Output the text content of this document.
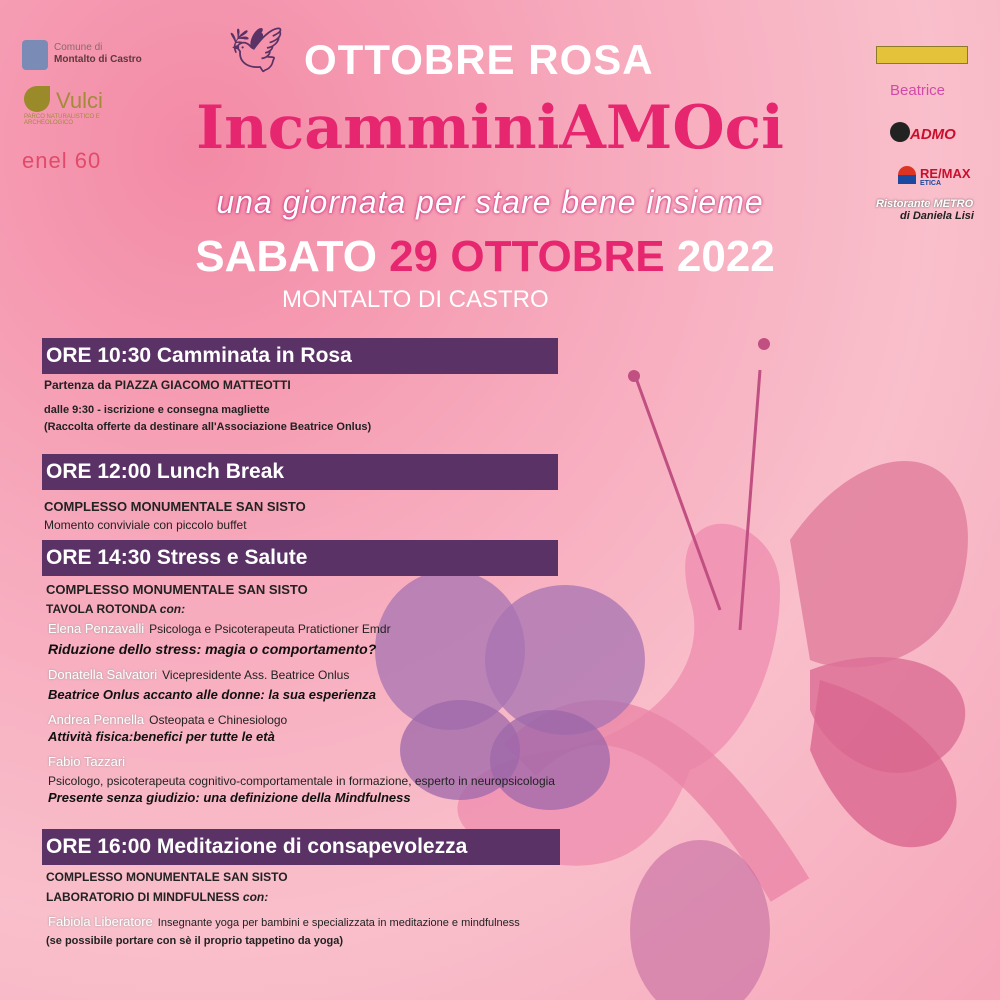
Comune di
Montalto di Castro
Vulci
PARCO NATURALISTICO E ARCHEOLOGICO
enel 60
Beatrice
ADMO
RE/MAX
ETICA
Ristorante METRO
di Daniela Lisi
🕊 OTTOBRE ROSA
IncamminiAMOci
una giornata per stare bene insieme
SABATO 29 OTTOBRE 2022
MONTALTO DI CASTRO
ORE 10:30 Camminata in Rosa
Partenza da PIAZZA GIACOMO MATTEOTTI
dalle 9:30 - iscrizione e consegna magliette
(Raccolta offerte da destinare all'Associazione Beatrice Onlus)
ORE 12:00 Lunch Break
COMPLESSO MONUMENTALE SAN SISTO
Momento conviviale con piccolo buffet
ORE 14:30 Stress e Salute
COMPLESSO MONUMENTALE SAN SISTO
TAVOLA ROTONDA con:
Elena Penzavalli Psicologa e Psicoterapeuta Pratictioner Emdr
Riduzione dello stress: magia o comportamento?
Donatella Salvatori Vicepresidente Ass. Beatrice Onlus
Beatrice Onlus accanto alle donne: la sua esperienza
Andrea Pennella Osteopata e Chinesiologo
Attività fisica:benefici per tutte le età
Fabio Tazzari
Psicologo, psicoterapeuta cognitivo-comportamentale in formazione, esperto in neuropsicologia
Presente senza giudizio: una definizione della Mindfulness
ORE 16:00 Meditazione di consapevolezza
COMPLESSO MONUMENTALE SAN SISTO
LABORATORIO DI MINDFULNESS con:
Fabiola Liberatore Insegnante yoga per bambini e specializzata in meditazione e mindfulness
(se possibile portare con sè il proprio tappetino da yoga)
